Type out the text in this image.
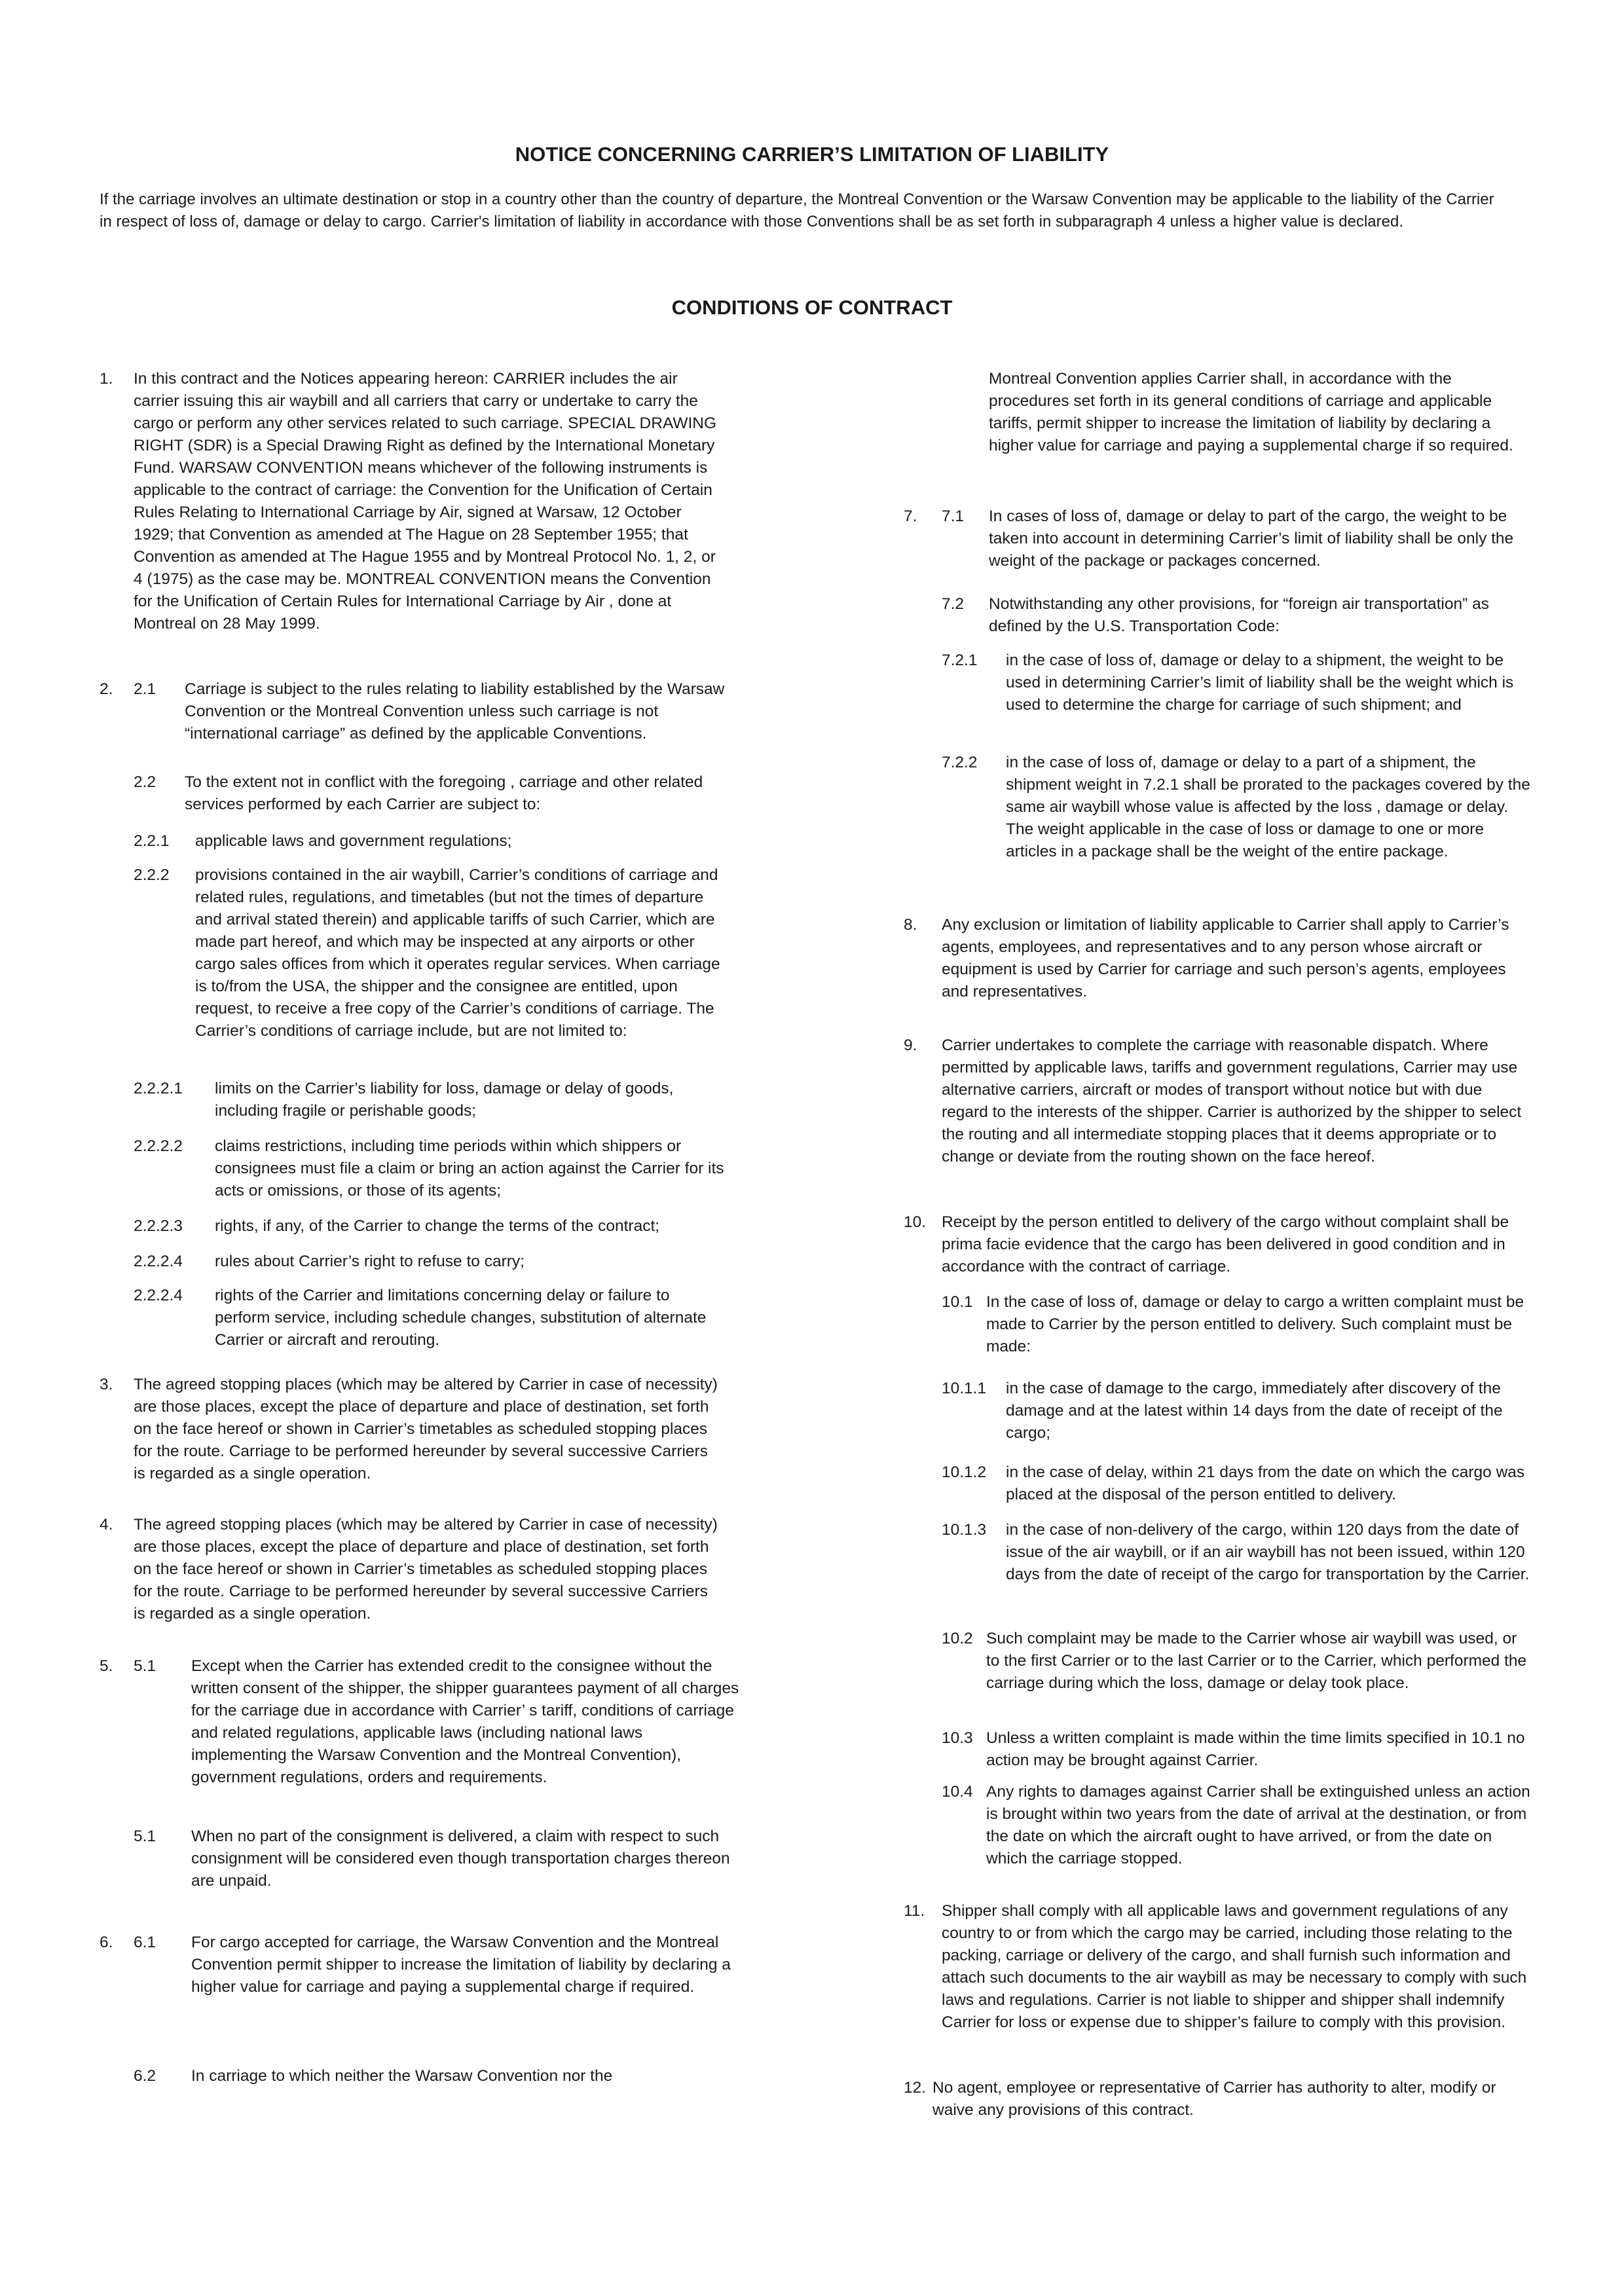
NOTICE CONCERNING CARRIER’S LIMITATION OF LIABILITY

If the carriage involves an ultimate destination or stop in a country other than the country of departure, the Montreal Convention or the Warsaw Convention may be applicable to the liability of the Carrier in respect of loss of, damage or delay to cargo. Carrier's limitation of liability in accordance with those Conventions shall be as set forth in subparagraph 4 unless a higher value is declared.

CONDITIONS OF CONTRACT
1. In this contract and the Notices appearing hereon: CARRIER includes the air carrier issuing this air waybill and all carriers that carry or undertake to carry the cargo or perform any other services related to such carriage. SPECIAL DRAWING RIGHT (SDR) is a Special Drawing Right as defined by the International Monetary Fund. WARSAW CONVENTION means whichever of the following instruments is applicable to the contract of carriage: the Convention for the Unification of Certain Rules Relating to International Carriage by Air, signed at Warsaw, 12 October 1929; that Convention as amended at The Hague on 28 September 1955; that Convention as amended at The Hague 1955 and by Montreal Protocol No. 1, 2, or 4 (1975) as the case may be. MONTREAL CONVENTION means the Convention for the Unification of Certain Rules for International Carriage by Air , done at Montreal on 28 May 1999.

2. 2.1 Carriage is subject to the rules relating to liability established by the Warsaw Convention or the Montreal Convention unless such carriage is not “international carriage” as defined by the applicable Conventions.

2.2 To the extent not in conflict with the foregoing , carriage and other related services performed by each Carrier are subject to:

2.2.1 applicable laws and government regulations;

2.2.2 provisions contained in the air waybill, Carrier’s conditions of carriage and related rules, regulations, and timetables (but not the times of departure and arrival stated therein) and applicable tariffs of such Carrier, which are made part hereof, and which may be inspected at any airports or other cargo sales offices from which it operates regular services. When carriage is to/from the USA, the shipper and the consignee are entitled, upon request, to receive a free copy of the Carrier’s conditions of carriage. The Carrier’s conditions of carriage include, but are not limited to:

2.2.2.1 limits on the Carrier’s liability for loss, damage or delay of goods, including fragile or perishable goods;

2.2.2.2 claims restrictions, including time periods within which shippers or consignees must file a claim or bring an action against the Carrier for its acts or omissions, or those of its agents;

2.2.2.3 rights, if any, of the Carrier to change the terms of the contract;

2.2.2.4 rules about Carrier’s right to refuse to carry;

2.2.2.4 rights of the Carrier and limitations concerning delay or failure to perform service, including schedule changes, substitution of alternate Carrier or aircraft and rerouting.

3. The agreed stopping places (which may be altered by Carrier in case of necessity) are those places, except the place of departure and place of destination, set forth on the face hereof or shown in Carrier’s timetables as scheduled stopping places for the route. Carriage to be performed hereunder by several successive Carriers is regarded as a single operation.

4. The agreed stopping places (which may be altered by Carrier in case of necessity) are those places, except the place of departure and place of destination, set forth on the face hereof or shown in Carrier’s timetables as scheduled stopping places for the route. Carriage to be performed hereunder by several successive Carriers is regarded as a single operation.

5. 5.1 Except when the Carrier has extended credit to the consignee without the written consent of the shipper, the shipper guarantees payment of all charges for the carriage due in accordance with Carrier’ s tariff, conditions of carriage and related regulations, applicable laws (including national laws implementing the Warsaw Convention and the Montreal Convention), government regulations, orders and requirements.

5.1 When no part of the consignment is delivered, a claim with respect to such consignment will be considered even though transportation charges thereon are unpaid.

6. 6.1 For cargo accepted for carriage, the Warsaw Convention and the Montreal Convention permit shipper to increase the limitation of liability by declaring a higher value for carriage and paying a supplemental charge if required.

6.2 In carriage to which neither the Warsaw Convention nor the

Montreal Convention applies Carrier shall, in accordance with the procedures set forth in its general conditions of carriage and applicable tariffs, permit shipper to increase the limitation of liability by declaring a higher value for carriage and paying a supplemental charge if so required.

7. 7.1 In cases of loss of, damage or delay to part of the cargo, the weight to be taken into account in determining Carrier’s limit of liability shall be only the weight of the package or packages concerned.

7.2 Notwithstanding any other provisions, for “foreign air transportation” as defined by the U.S. Transportation Code:

7.2.1 in the case of loss of, damage or delay to a shipment, the weight to be used in determining Carrier’s limit of liability shall be the weight which is used to determine the charge for carriage of such shipment; and

7.2.2 in the case of loss of, damage or delay to a part of a shipment, the shipment weight in 7.2.1 shall be prorated to the packages covered by the same air waybill whose value is affected by the loss , damage or delay. The weight applicable in the case of loss or damage to one or more articles in a package shall be the weight of the entire package.

8. Any exclusion or limitation of liability applicable to Carrier shall apply to Carrier’s agents, employees, and representatives and to any person whose aircraft or equipment is used by Carrier for carriage and such person’s agents, employees and representatives.

9. Carrier undertakes to complete the carriage with reasonable dispatch. Where permitted by applicable laws, tariffs and government regulations, Carrier may use alternative carriers, aircraft or modes of transport without notice but with due regard to the interests of the shipper. Carrier is authorized by the shipper to select the routing and all intermediate stopping places that it deems appropriate or to change or deviate from the routing shown on the face hereof.

10. Receipt by the person entitled to delivery of the cargo without complaint shall be prima facie evidence that the cargo has been delivered in good condition and in accordance with the contract of carriage.

10.1 In the case of loss of, damage or delay to cargo a written complaint must be made to Carrier by the person entitled to delivery. Such complaint must be made:

10.1.1 in the case of damage to the cargo, immediately after discovery of the damage and at the latest within 14 days from the date of receipt of the cargo;

10.1.2 in the case of delay, within 21 days from the date on which the cargo was placed at the disposal of the person entitled to delivery.

10.1.3 in the case of non-delivery of the cargo, within 120 days from the date of issue of the air waybill, or if an air waybill has not been issued, within 120 days from the date of receipt of the cargo for transportation by the Carrier.

10.2 Such complaint may be made to the Carrier whose air waybill was used, or to the first Carrier or to the last Carrier or to the Carrier, which performed the carriage during which the loss, damage or delay took place.

10.3 Unless a written complaint is made within the time limits specified in 10.1 no action may be brought against Carrier.

10.4 Any rights to damages against Carrier shall be extinguished unless an action is brought within two years from the date of arrival at the destination, or from the date on which the aircraft ought to have arrived, or from the date on which the carriage stopped.

11. Shipper shall comply with all applicable laws and government regulations of any country to or from which the cargo may be carried, including those relating to the packing, carriage or delivery of the cargo, and shall furnish such information and attach such documents to the air waybill as may be necessary to comply with such laws and regulations. Carrier is not liable to shipper and shipper shall indemnify Carrier for loss or expense due to shipper’s failure to comply with this provision.

12. No agent, employee or representative of Carrier has authority to alter, modify or waive any provisions of this contract.
